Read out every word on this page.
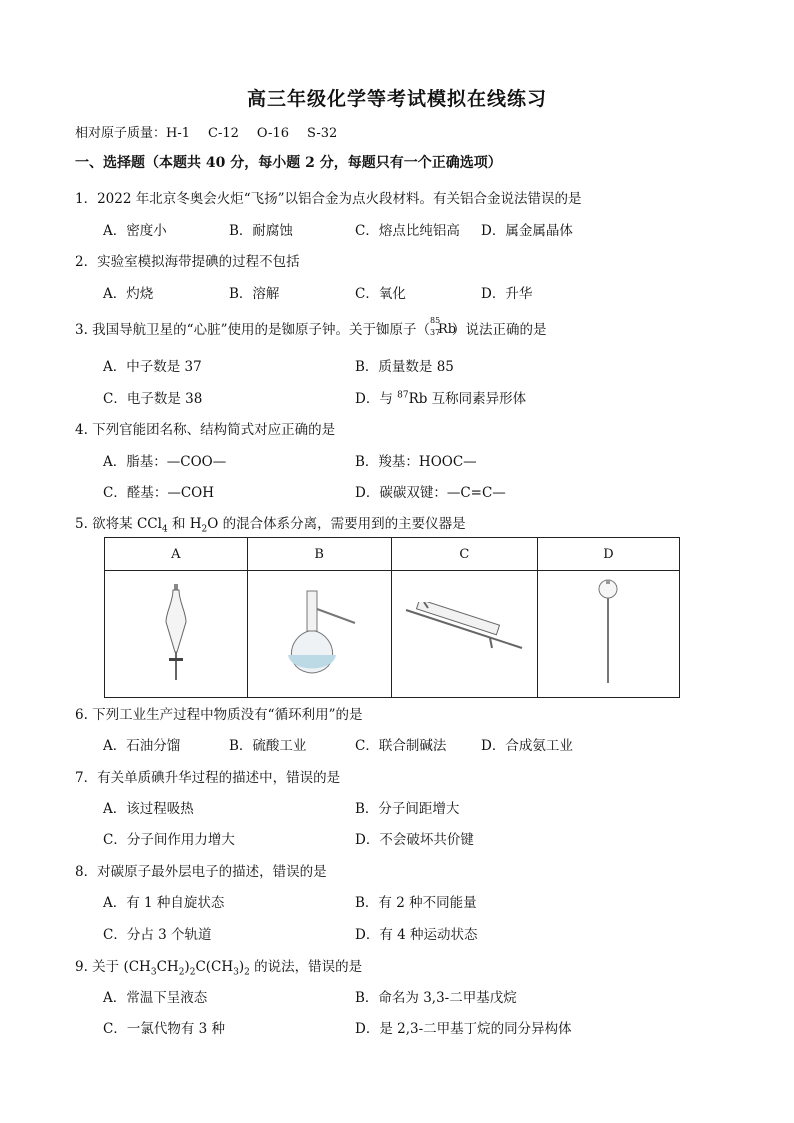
高三年级化学等考试模拟在线练习
相对原子质量：H-1 C-12 O-16 S-32
一、选择题（本题共 40 分，每小题 2 分，每题只有一个正确选项）
1．2022 年北京冬奥会火炬“飞扬”以铝合金为点火段材料。有关铝合金说法错误的是
A．密度小	B．耐腐蚀	C．熔点比纯铝高 D．属金属晶体
2．实验室模拟海带提碘的过程不包括
A．灼烧	B．溶解	C．氧化	D．升华
3. 我国导航卫星的“心脏”使用的是铷原子钟。关于铷原子（
85
37
Rb
）说法正确的是
A．中子数是 37	B．质量数是 85
C．电子数是 38	D．与 $^{87}$Rb 互称同素异形体
4. 下列官能团名称、结构简式对应正确的是
A．脂基：—COO—	B．羧基：HOOC—
C．醛基：—COH	D．碳碳双键：—C=C—
5. 欲将某 CCl$_4$ 和 $H_2O$ 的混合体系分离，需要用到的主要仪器是
A	B	C	D

6. 下列工业生产过程中物质没有“循环利用”的是
A．石油分馏	B．硫酸工业	C．联合制碱法	D．合成氨工业
7．有关单质碘升华过程的描述中，错误的是
A．该过程吸热	B．分子间距增大
C．分子间作用力增大	D．不会破坏共价键
8．对碳原子最外层电子的描述，错误的是
A．有 1 种自旋状态	B．有 2 种不同能量
C．分占 3 个轨道	D．有 4 种运动状态
9. 关于 $(CH_3CH_2)_2C(CH_3)_2$ 的说法，错误的是
A．常温下呈液态	B．命名为 3,3-二甲基戊烷
C．一氯代物有 3 种	D．是 2,3-二甲基丁烷的同分异构体
